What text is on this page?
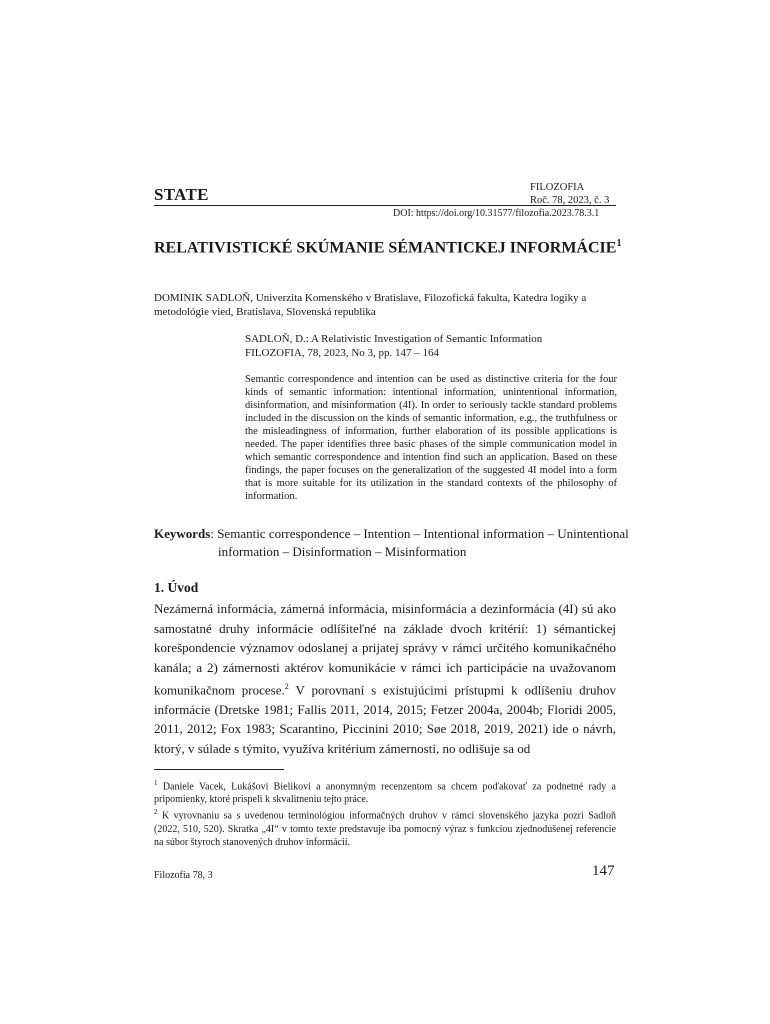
STATE	FILOZOFIA
Roč. 78, 2023, č. 3
DOI: https://doi.org/10.31577/filozofia.2023.78.3.1
RELATIVISTICKÉ SKÚMANIE SÉMANTICKEJ INFORMÁCIE$^1$
DOMINIK SADLOŇ, Univerzita Komenského v Bratislave, Filozofická fakulta, Katedra logiky a metodológie vied, Bratislava, Slovenská republika
SADLOŇ, D.: A Relativistic Investigation of Semantic Information
FILOZOFIA, 78, 2023, No 3, pp. 147 – 164
Semantic correspondence and intention can be used as distinctive criteria for the four kinds of semantic information: intentional information, unintentional information, disinformation, and misinformation (4I). In order to seriously tackle standard problems included in the discussion on the kinds of semantic information, e.g., the truthfulness or the misleadingness of information, further elaboration of its possible applications is needed. The paper identifies three basic phases of the simple communication model in which semantic correspondence and intention find such an application. Based on these findings, the paper focuses on the generalization of the suggested 4I model into a form that is more suitable for its utilization in the standard contexts of the philosophy of information.
Keywords: Semantic correspondence – Intention – Intentional information – Unintentional information – Disinformation – Misinformation
1. Úvod
Nezámerná informácia, zámerná informácia, misinformácia a dezinformácia (4I) sú ako samostatné druhy informácie odlíšiteľné na základe dvoch kritérií: 1) sémantickej korešpondencie významov odoslanej a prijatej správy v rámci určitého komunikačného kanála; a 2) zámernosti aktérov komunikácie v rámci ich participácie na uvažovanom komunikačnom procese.$^2$ V porovnaní s existujúcimi prístupmi k odlíšeniu druhov informácie (Dretske 1981; Fallis 2011, 2014, 2015; Fetzer 2004a, 2004b; Floridi 2005, 2011, 2012; Fox 1983; Scarantino, Piccinini 2010; Søe 2018, 2019, 2021) ide o návrh, ktorý, v súlade s týmito, využíva kritérium zámernosti, no odlišuje sa od

$^1$ Daniele Vacek, Lukášovi Bielikovi a anonymným recenzentom sa chcem poďakovať za podnetné rady a pripomienky, ktoré prispeli k skvalitneniu tejto práce.

$^2$ K vyrovnaniu sa s uvedenou terminológiou informačných druhov v rámci slovenského jazyka pozri Sadloň (2022, 510, 520). Skratka „4I“ v tomto texte predstavuje iba pomocný výraz s funkciou zjednodušenej referencie na súbor štyroch stanovených druhov informácií.

Filozofia 78, 3	147
